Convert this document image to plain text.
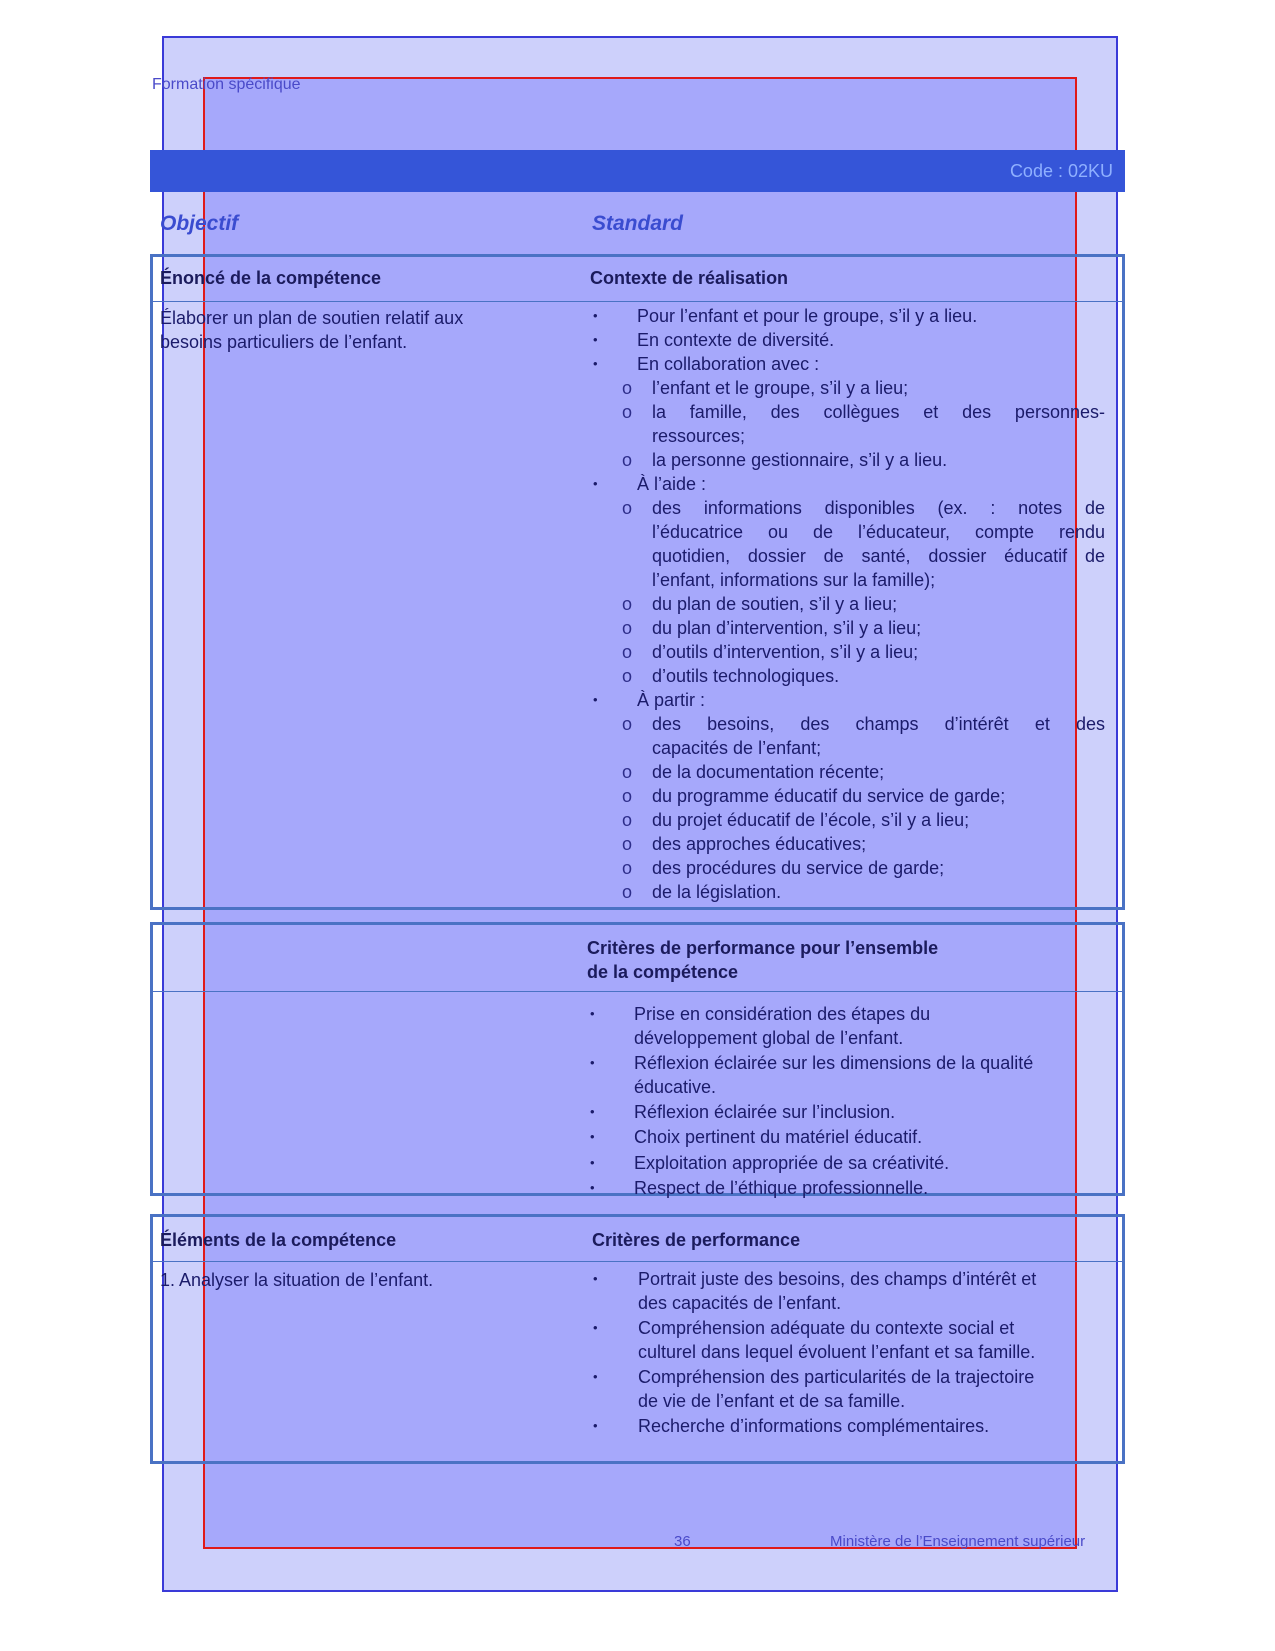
Formation spécifique
Code : 02KU
Objectif	Standard
Énoncé de la compétence	Contexte de réalisation
Élaborer un plan de soutien relatif aux
besoins particuliers de l’enfant.
• Pour l’enfant et pour le groupe, s’il y a lieu.
• En contexte de diversité.
• En collaboration avec :
o l’enfant et le groupe, s’il y a lieu;
o la famille, des collègues et des personnes-
ressources;
o la personne gestionnaire, s’il y a lieu.
• À l’aide :
o des informations disponibles (ex. : notes de
l’éducatrice ou de l’éducateur, compte rendu
quotidien, dossier de santé, dossier éducatif de
l’enfant, informations sur la famille);
o du plan de soutien, s’il y a lieu;
o du plan d’intervention, s’il y a lieu;
o d’outils d’intervention, s’il y a lieu;
o d’outils technologiques.
• À partir :
o des besoins, des champs d’intérêt et des
capacités de l’enfant;
o de la documentation récente;
o du programme éducatif du service de garde;
o du projet éducatif de l’école, s’il y a lieu;
o des approches éducatives;
o des procédures du service de garde;
o de la législation.
Critères de performance pour l’ensemble
de la compétence
• Prise en considération des étapes du
développement global de l’enfant.
• Réflexion éclairée sur les dimensions de la qualité
éducative.
• Réflexion éclairée sur l’inclusion.
• Choix pertinent du matériel éducatif.
• Exploitation appropriée de sa créativité.
• Respect de l’éthique professionnelle.
Éléments de la compétence	Critères de performance
1. Analyser la situation de l’enfant.	• Portrait juste des besoins, des champs d’intérêt et
des capacités de l’enfant.
• Compréhension adéquate du contexte social et
culturel dans lequel évoluent l’enfant et sa famille.
• Compréhension des particularités de la trajectoire
de vie de l’enfant et de sa famille.
• Recherche d’informations complémentaires.
36	Ministère de l’Enseignement supérieur
